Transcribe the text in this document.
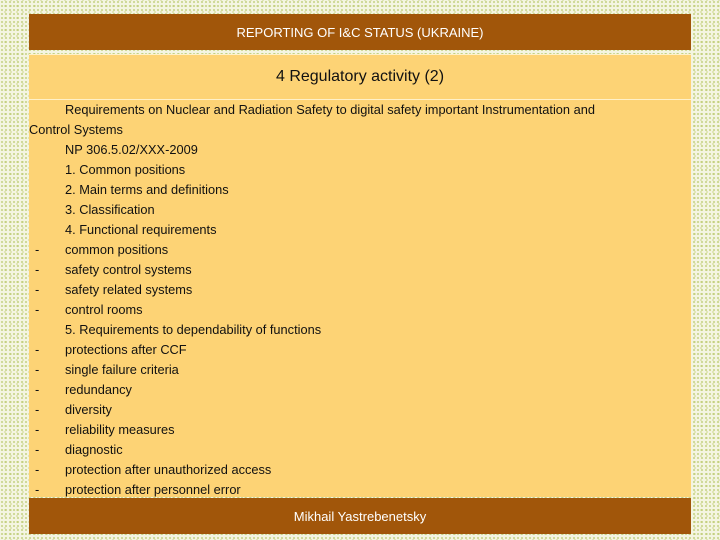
REPORTING OF I&C STATUS (UKRAINE)
4 Regulatory activity (2)
Requirements on Nuclear and Radiation Safety to digital safety important Instrumentation and
Control Systems
NP 306.5.02/XXX-2009
1. Common positions
2. Main terms and definitions
3. Classification
4. Functional requirements
- common positions
- safety control systems
- safety related systems
- control rooms
5. Requirements to dependability of functions
- protections after CCF
- single failure criteria
- redundancy
- diversity
- reliability measures
- diagnostic
- protection after unauthorized access
- protection after personnel error
Mikhail Yastrebenetsky
